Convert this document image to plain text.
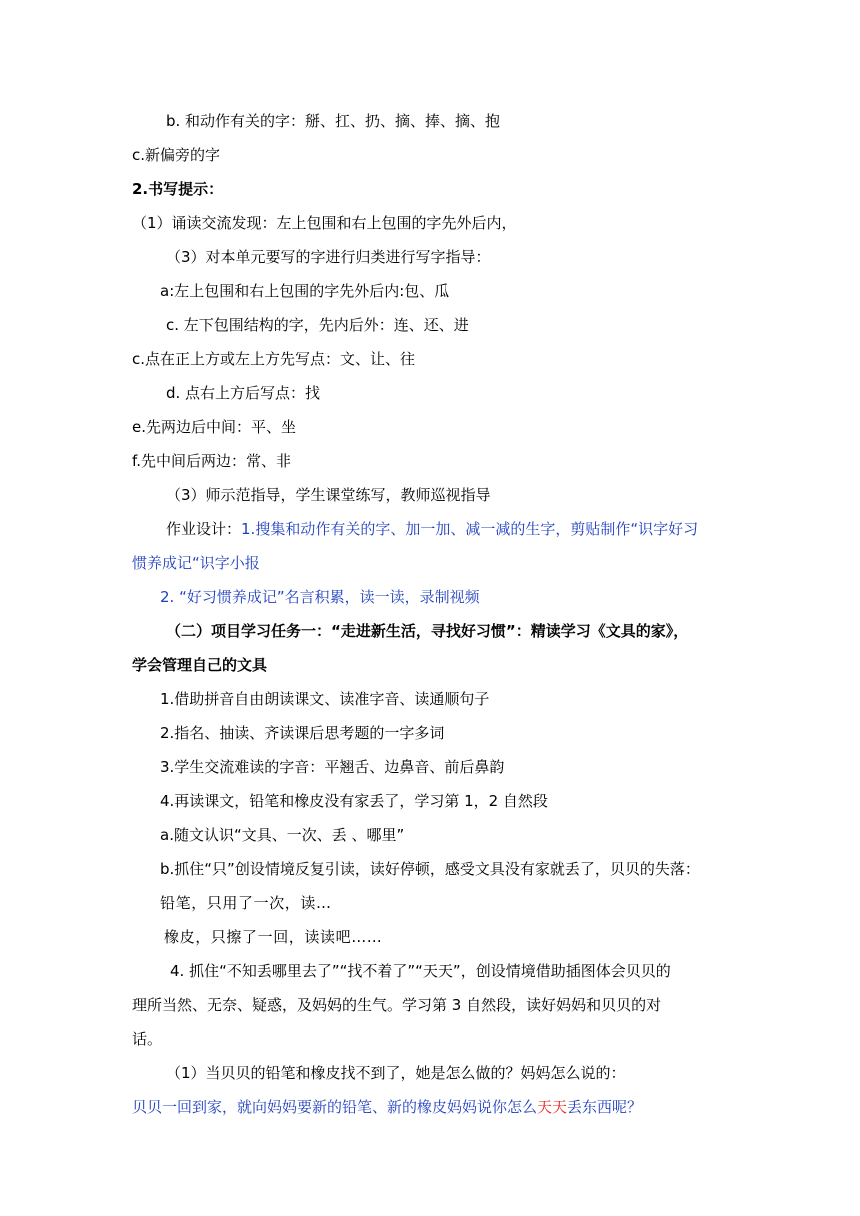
b. 和动作有关的字：掰、扛、扔、摘、捧、摘、抱
c.新偏旁的字
2.书写提示：
（1）诵读交流发现：左上包围和右上包围的字先外后内，
（3）对本单元要写的字进行归类进行写字指导：
a:左上包围和右上包围的字先外后内:包、瓜
c. 左下包围结构的字，先内后外：连、还、进
c.点在正上方或左上方先写点：文、让、往
d. 点右上方后写点：找
e.先两边后中间：平、坐
f.先中间后两边：常、非
（3）师示范指导，学生课堂练写，教师巡视指导
作业设计：1.搜集和动作有关的字、加一加、减一减的生字，剪贴制作“识字好习
惯养成记“识字小报
2. “好习惯养成记”名言积累，读一读，录制视频
（二）项目学习任务一：“走进新生活，寻找好习惯”：精读学习《文具的家》，
学会管理自己的文具
1.借助拼音自由朗读课文、读准字音、读通顺句子
2.指名、抽读、齐读课后思考题的一字多词
3.学生交流难读的字音：平翘舌、边鼻音、前后鼻韵
4.再读课文，铅笔和橡皮没有家丢了，学习第 1，2 自然段
a.随文认识“文具、一次、丢 、哪里”
b.抓住“只”创设情境反复引读，读好停顿，感受文具没有家就丢了，贝贝的失落：
铅笔，只用了一次，读…
橡皮，只擦了一回，读读吧……
4. 抓住“不知丢哪里去了”“找不着了”“天天”，创设情境借助插图体会贝贝的
理所当然、无奈、疑惑，及妈妈的生气。学习第 3 自然段，读好妈妈和贝贝的对
话。
（1）当贝贝的铅笔和橡皮找不到了，她是怎么做的？妈妈怎么说的：
贝贝一回到家，就向妈妈要新的铅笔、新的橡皮妈妈说你怎么天天丢东西呢？
